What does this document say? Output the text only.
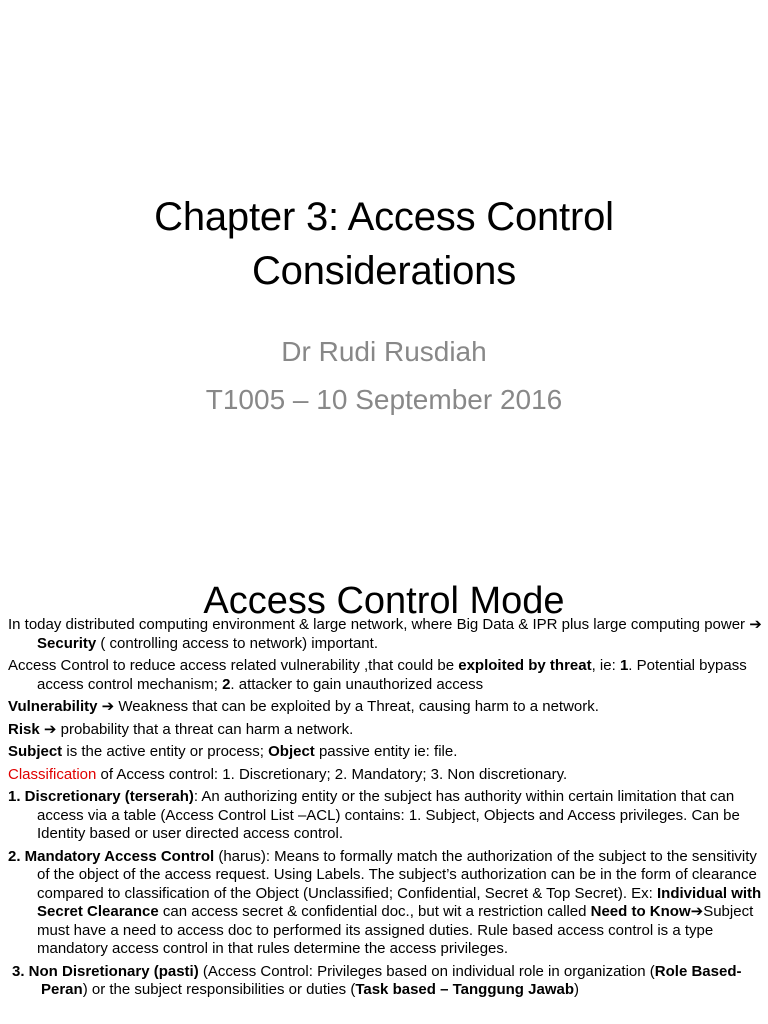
Chapter 3: Access Control
Considerations
Dr Rudi Rusdiah
T1005 – 10 September 2016
Access Control Mode

In today distributed computing environment & large network, where Big Data & IPR plus large computing power ➔ Security ( controlling access to network) important.

Access Control to reduce access related vulnerability ,that could be exploited by threat, ie: 1. Potential bypass access control mechanism; 2. attacker to gain unauthorized access

Vulnerability ➔ Weakness that can be exploited by a Threat, causing harm to a network.

Risk ➔ probability that a threat can harm a network.

Subject is the active entity or process; Object passive entity ie: file.

Classification of Access control: 1. Discretionary; 2. Mandatory; 3. Non discretionary.

1. Discretionary (terserah): An authorizing entity or the subject has authority within certain limitation that can access via a table (Access Control List –ACL) contains: 1. Subject, Objects and Access privileges. Can be Identity based or user directed access control.

2. Mandatory Access Control (harus): Means to formally match the authorization of the subject to the sensitivity of the object of the access request. Using Labels. The subject’s authorization can be in the form of clearance compared to classification of the Object (Unclassified; Confidential, Secret & Top Secret). Ex: Individual with Secret Clearance can access secret & confidential doc., but wit a restriction called Need to Know➔Subject must have a need to access doc to performed its assigned duties. Rule based access control is a type mandatory access control in that rules determine the access privileges.

3. Non Disretionary (pasti) (Access Control: Privileges based on individual role in organization (Role Based-Peran) or the subject responsibilities or duties (Task based – Tanggung Jawab)
